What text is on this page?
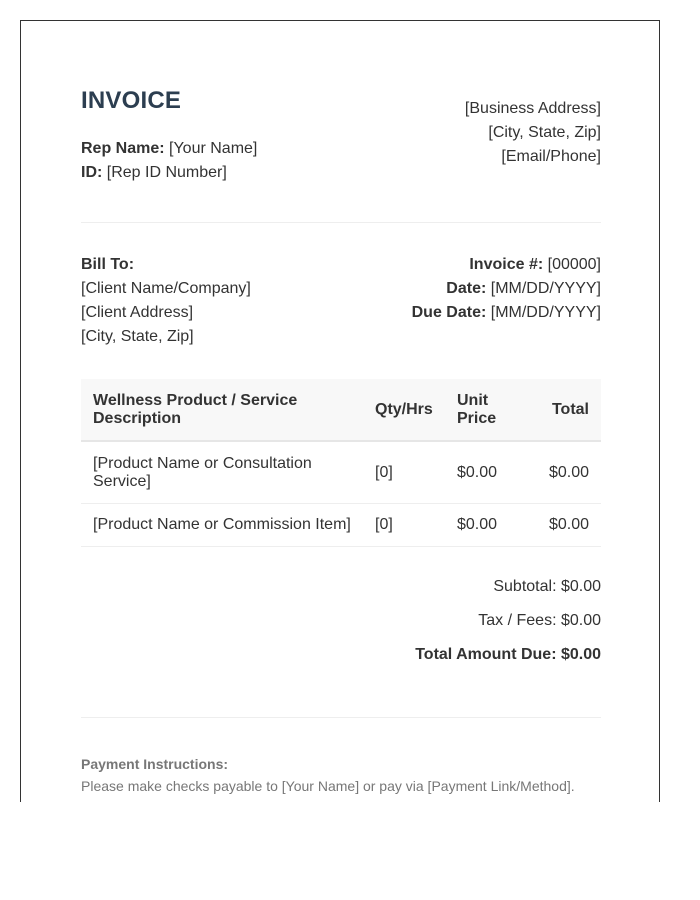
INVOICE
Rep Name: [Your Name]
ID: [Rep ID Number]
[Business Address]
[City, State, Zip]
[Email/Phone]
Bill To:
[Client Name/Company]
[Client Address]
[City, State, Zip]
Invoice #: [00000]
Date: [MM/DD/YYYY]
Due Date: [MM/DD/YYYY]
Wellness Product / Service Description	Qty/Hrs	Unit Price	Total
[Product Name or Consultation Service]	[0]	$0.00	$0.00
[Product Name or Commission Item]	[0]	$0.00	$0.00
Subtotal: $0.00
Tax / Fees: $0.00
Total Amount Due: $0.00
Payment Instructions:
Please make checks payable to [Your Name] or pay via [Payment Link/Method].
